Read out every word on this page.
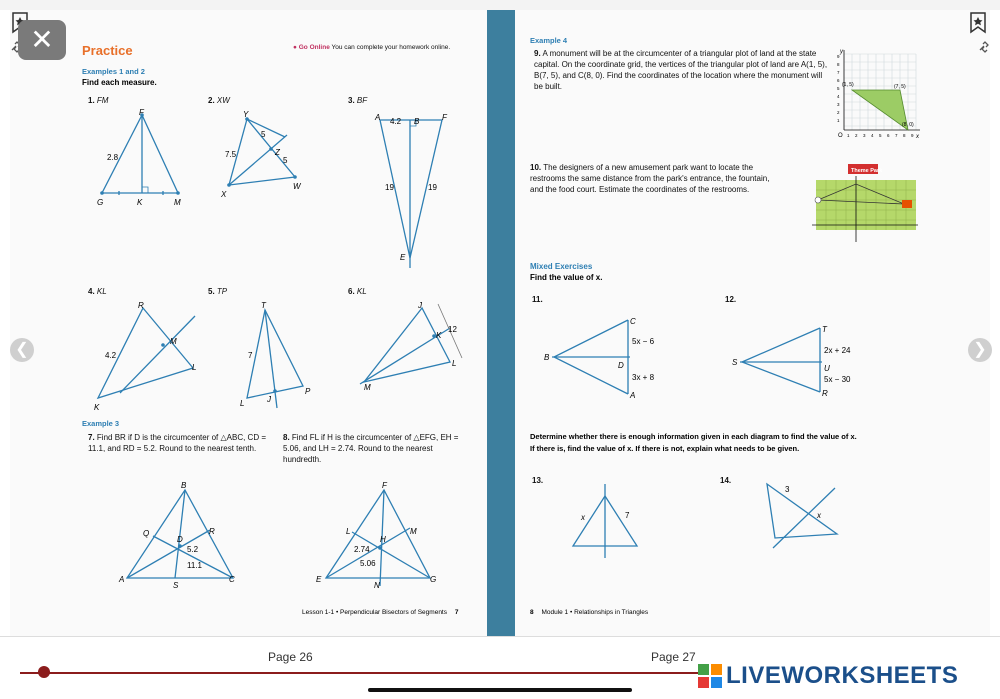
✕
❮	❯
Practice	● Go Online You can complete your homework online.
Examples 1 and 2
Find each measure.
1. FM	2. XW	3. BF
F
G	K	M
2.8
Y
Z
X
W
7.5
5
5
A	B	F
E
4.2
19	19
4. KL	5. TP	6. KL
R
M
L
K
4.2
T
L	J
P
7
J
K
L
M
12
Example 3
7. Find BR if D is the circumcenter of △ABC, CD = 11.1, and RD = 5.2. Round to the nearest tenth.
8. Find FL if H is the circumcenter of △EFG, EH = 5.06, and LH = 2.74. Round to the nearest hundredth.
B
Q	R
D
A
S
C
5.2
11.1
F
L
H
M
E
N
G
2.74
5.06
Lesson 1-1 • Perpendicular Bisectors of Segments 7
Example 4
9. A monument will be at the circumcenter of a triangular plot of land at the state capital. On the coordinate grid, the vertices of the triangular plot of land are A(1, 5), B(7, 5), and C(8, 0). Find the coordinates of the location where the monument will be built.
y
x
O
1
2
3
4
5
6
7
8
9
1 2 3 4 5 6 7 8 9
(1, 5)	(7, 5)
(8, 0)
10. The designers of a new amusement park want to locate the restrooms the same distance from the park's entrance, the fountain, and the food court. Estimate the coordinates of the restrooms.
Theme Park
Mixed Exercises
Find the value of x.
11.	12.
C
B
D
A
5x − 6
3x + 8
T
S
U
R
2x + 24
5x − 30
Determine whether there is enough information given in each diagram to find the value of x. If there is, find the value of x. If there is not, explain what needs to be given.
13.	14.
x	7
3
x
8 Module 1 • Relationships in Triangles
Page 26	Page 27
LIVEWORKSHEETS
